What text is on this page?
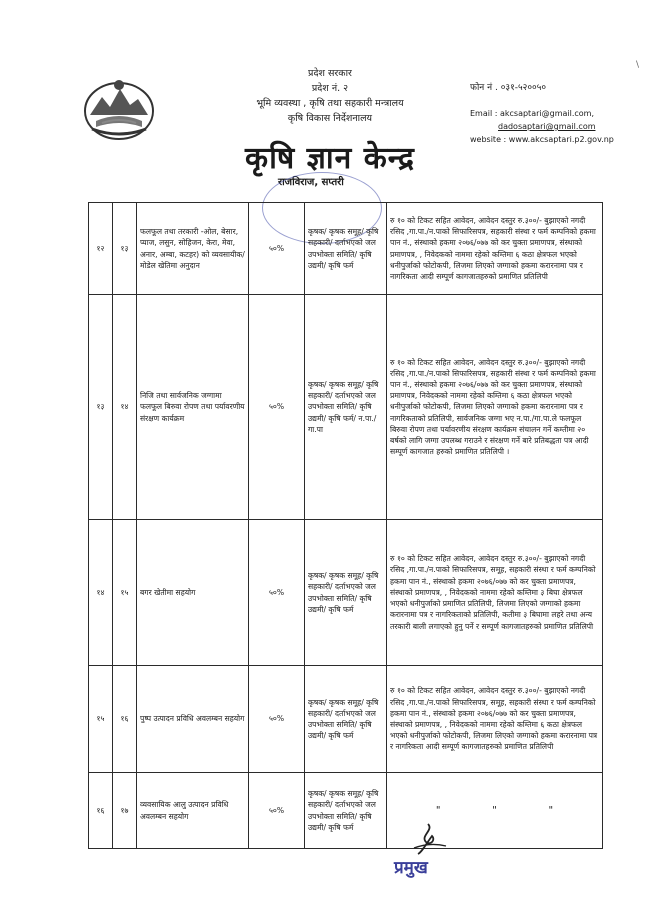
प्रदेश सरकार
प्रदेश नं. २
भूमि व्यवस्था , कृषि तथा सहकारी मन्त्रालय
कृषि विकास निर्देशनालय
कृषि ज्ञान केन्द्र
राजविराज, सप्तरी
फोन नं . ०३१-५२००५०
Email : akcsaptari@gmail.com,
dadosaptari@gmail.com
website : www.akcsaptari.p2.gov.np
१२	१३	फलफूल तथा तरकारी -ओल, बेसार, प्याज, लसुन, सोहिजन, केरा, मेवा, अनार, अम्बा, कटहर) को व्यवसायीक/मोडेल खेतिमा अनुदान	५०%	कृषक/ कृषक समूह/ कृषि सहकारी/ दर्ताभएको जल उपभोक्ता समिति/ कृषि उद्यमी/ कृषि फर्म	रु १० को टिकट सहित आवेदन, आवेदन दस्तुर रु.३००/- बुझाएको नगदी रसिद ,गा.पा./न.पाको सिफारिसपत्र, सहकारी संस्था र फर्म कम्पनिको हकमा पान नं., संस्थाको हकमा २०७६/०७७ को कर चुक्ता प्रमाणपत्र, संस्थाको प्रमाणपत्र, , निवेदकको नाममा रहेको कम्तिमा ६ कठा क्षेत्रफल भएको धनीपुर्जाको फोटोकपी, लिजमा लिएको जग्गाको हकमा करारनामा पत्र र नागरिकता आदी सम्पूर्ण कागजातहरुको प्रमाणित प्रतिलिपी
१३	१४	निजि तथा सार्वजनिक जग्गामा फलफूल बिरुवा रोपण तथा पर्यावरणीय संरक्षण कार्यक्रम	५०%	कृषक/ कृषक समूह/ कृषि सहकारी/ दर्ताभएको जल उपभोक्ता समिति/ कृषि उद्यमी/ कृषि फर्म/ न.पा./गा.पा	रु १० को टिकट सहित आवेदन, आवेदन दस्तुर रु.३००/- बुझाएको नगदी रसिद ,गा.पा./न.पाको सिफारिसपत्र, सहकारी संस्था र फर्म कम्पनिको हकमा पान नं., संस्थाको हकमा २०७६/०७७ को कर चुक्ता प्रमाणपत्र, संस्थाको प्रमाणपत्र, निवेदकको नाममा रहेको कम्तिमा ६ कठा क्षेत्रफल भएको धनीपुर्जाको फोटोकपी, लिजमा लिएको जग्गाको हकमा करारनामा पत्र र नागरिकताको प्रतिलिपी, सार्वजनिक जग्गा भए न.पा./गा.पा.ले फलफूल बिरुवा रोपण तथा पर्यावरणीय संरक्षण कार्यक्रम संचालन गर्ने कम्तीमा २० बर्षको लागि जग्गा उपलब्ध गराउने र संरक्षण गर्ने बारे प्रतिबद्धता पत्र आदी सम्पूर्ण कागजात हरुको प्रमाणित प्रतिलिपी ।
१४	१५	बगर खेतीमा सहयोग	५०%	कृषक/ कृषक समूह/ कृषि सहकारी/ दर्ताभएको जल उपभोक्ता समिति/ कृषि उद्यमी/ कृषि फर्म	रु १० को टिकट सहित आवेदन, आवेदन दस्तुर रु.३००/- बुझाएको नगदी रसिद ,गा.पा./न.पाको सिफारिसपत्र, समूह, सहकारी संस्था र फर्म कम्पनिको हकमा पान नं., संस्थाको हकमा २०७६/०७७ को कर चुक्ता प्रमाणपत्र, संस्थाको प्रमाणपत्र, , निवेदकको नाममा रहेको कम्तिमा ३ बिघा क्षेत्रफल भएको धनीपुर्जाको प्रमाणित प्रतिलिपी, लिजमा लिएको जग्गाको हकमा करारनामा पत्र र नागरिकताको प्रतिलिपी, कतीमा ३ बिघामा लहरे तथा अन्य तरकारी बाली लगाएको हुनु पर्ने र सम्पूर्ण कागजातहरुको प्रमाणित प्रतिलिपी
१५	१६	पुष्प उत्पादन प्रविधि अवलम्बन सहयोग	५०%	कृषक/ कृषक समूह/ कृषि सहकारी/ दर्ताभएको जल उपभोक्ता समिति/ कृषि उद्यमी/ कृषि फर्म	रु १० को टिकट सहित आवेदन, आवेदन दस्तुर रु.३००/- बुझाएको नगदी रसिद ,गा.पा./न.पाको सिफारिसपत्र, समूह, सहकारी संस्था र फर्म कम्पनिको हकमा पान नं., संस्थाको हकमा २०७६/०७७ को कर चुक्ता प्रमाणपत्र, संस्थाको प्रमाणपत्र, , निवेदकको नाममा रहेको कम्तिमा ६ कठा क्षेत्रफल भएको धनीपुर्जाको फोटोकपी, लिजमा लिएको जग्गाको हकमा करारनामा पत्र र नागरिकता आदी सम्पूर्ण कागजातहरुको प्रमाणित प्रतिलिपी
१६	१७	व्यवसायिक आलु उत्पादन प्रविधि अवलम्बन सहयोग	५०%	कृषक/ कृषक समूह/ कृषि सहकारी/ दर्ताभएको जल उपभोक्ता समिति/ कृषि उद्यमी/ कृषि फर्म	" " "
प्रमुख
\
